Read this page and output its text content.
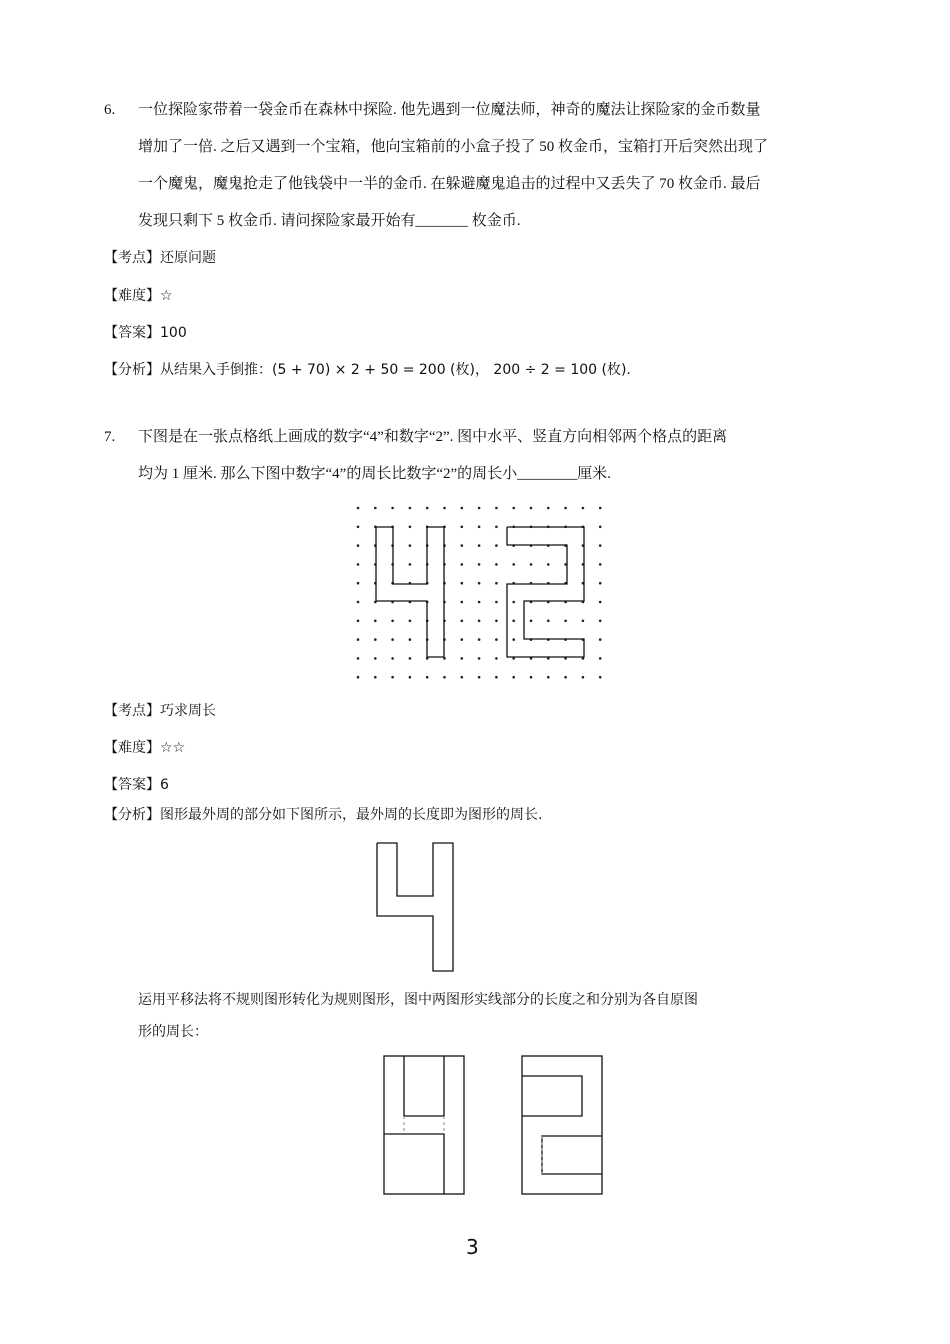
6. 一位探险家带着一袋金币在森林中探险. 他先遇到一位魔法师，神奇的魔法让探险家的金币数量
增加了一倍. 之后又遇到一个宝箱，他向宝箱前的小盒子投了 50 枚金币，宝箱打开后突然出现了
一个魔鬼，魔鬼抢走了他钱袋中一半的金币. 在躲避魔鬼追击的过程中又丢失了 70 枚金币. 最后
发现只剩下 5 枚金币. 请问探险家最开始有_______ 枚金币.
【考点】还原问题
【难度】☆
【答案】100
【分析】从结果入手倒推：(5 + 70) × 2 + 50 = 200 (枚)， 200 ÷ 2 = 100 (枚).
7. 下图是在一张点格纸上画成的数字“4”和数字“2”. 图中水平、竖直方向相邻两个格点的距离
均为 1 厘米. 那么下图中数字“4”的周长比数字“2”的周长小________厘米.
【考点】巧求周长
【难度】☆☆
【答案】6
【分析】图形最外周的部分如下图所示，最外周的长度即为图形的周长.
运用平移法将不规则图形转化为规则图形，图中两图形实线部分的长度之和分别为各自原图
形的周长：
3
